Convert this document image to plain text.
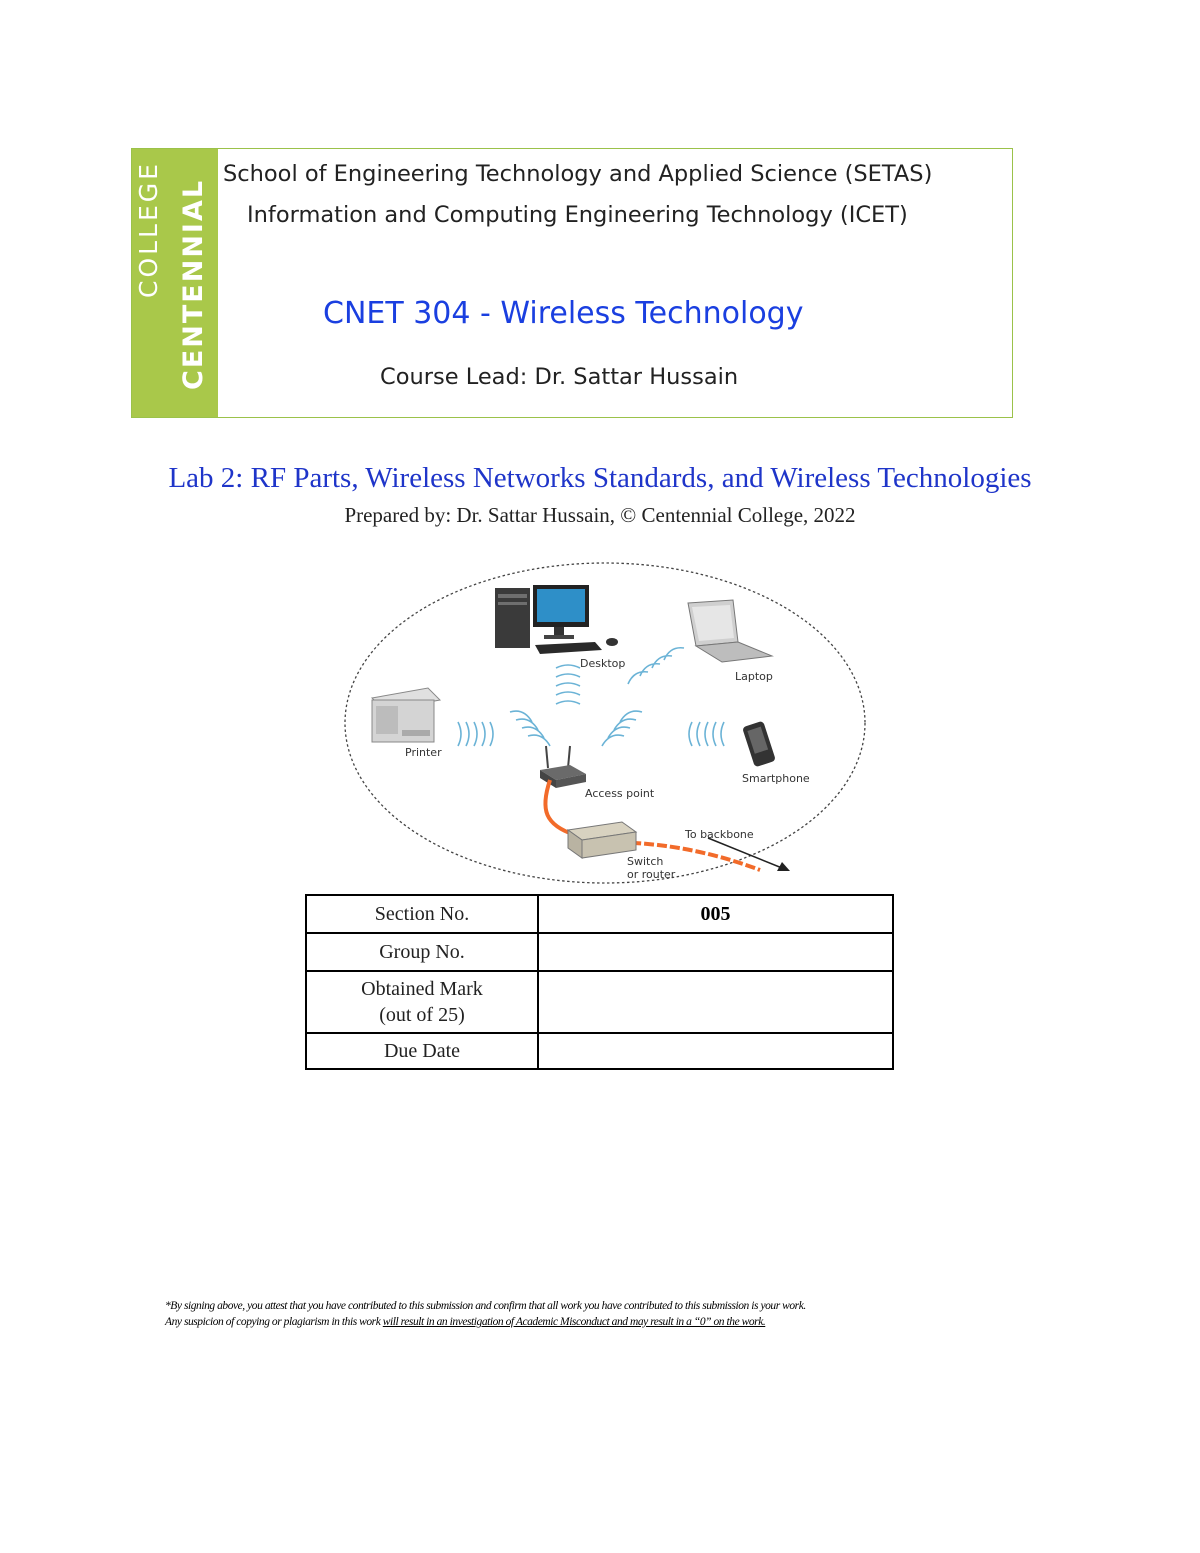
CENTENNIAL
COLLEGE	School of Engineering Technology and Applied Science (SETAS)
Information and Computing Engineering Technology (ICET)
CNET 304 - Wireless Technology
Course Lead: Dr. Sattar Hussain
Lab 2: RF Parts, Wireless Networks Standards, and Wireless Technologies
Prepared by: Dr. Sattar Hussain, © Centennial College, 2022
Desktop
Laptop
Printer
Smartphone
Access point
Switch
or router
To backbone
Section No.	005
Group No.	
Obtained Mark
(out of 25)	
Due Date	
*By signing above, you attest that you have contributed to this submission and confirm that all work you have contributed to this submission is your work.
Any suspicion of copying or plagiarism in this work will result in an investigation of Academic Misconduct and may result in a “0” on the work.
